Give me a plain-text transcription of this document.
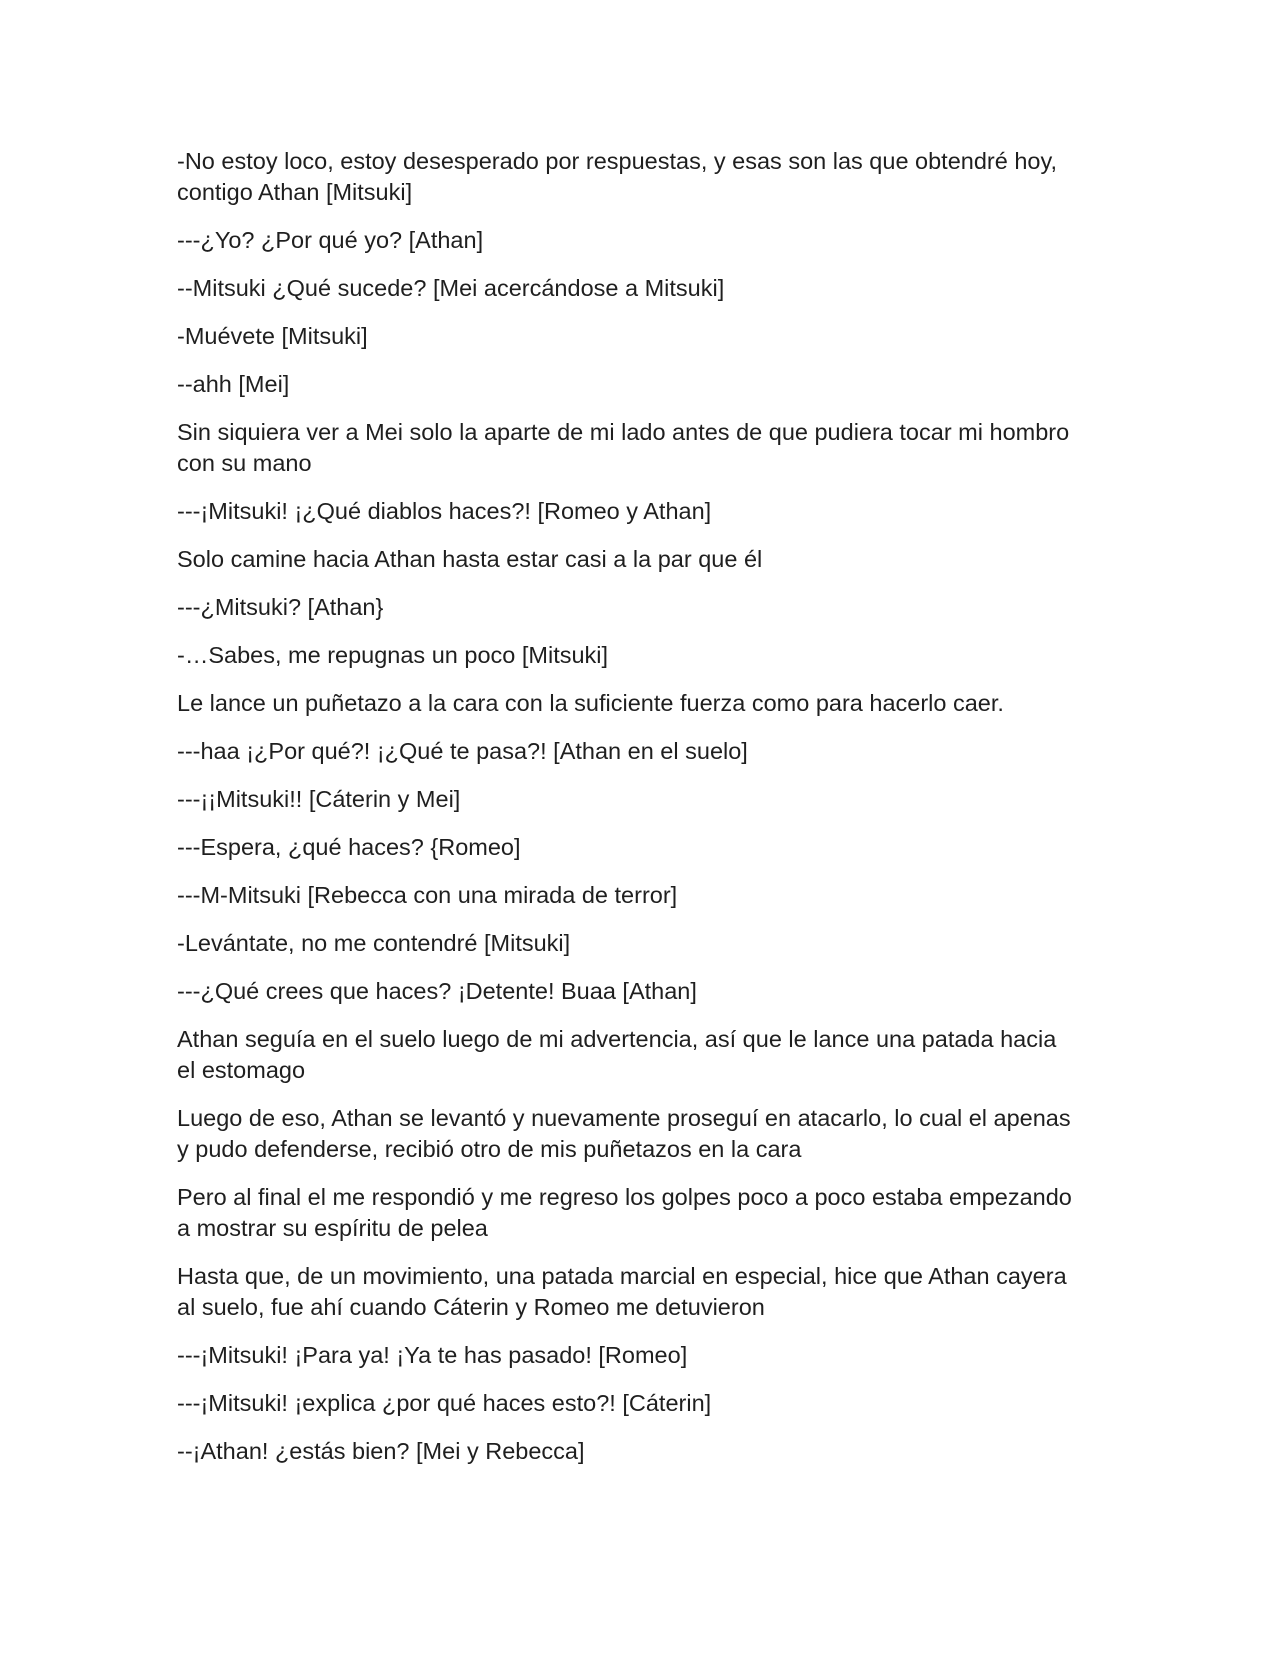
-No estoy loco, estoy desesperado por respuestas, y esas son las que obtendré hoy, contigo Athan [Mitsuki]

---¿Yo? ¿Por qué yo? [Athan]

--Mitsuki ¿Qué sucede? [Mei acercándose a Mitsuki]

-Muévete [Mitsuki]

--ahh [Mei]

Sin siquiera ver a Mei solo la aparte de mi lado antes de que pudiera tocar mi hombro con su mano

---¡Mitsuki! ¡¿Qué diablos haces?! [Romeo y Athan]

Solo camine hacia Athan hasta estar casi a la par que él

---¿Mitsuki? [Athan}

-…Sabes, me repugnas un poco [Mitsuki]

Le lance un puñetazo a la cara con la suficiente fuerza como para hacerlo caer.

---haa ¡¿Por qué?! ¡¿Qué te pasa?! [Athan en el suelo]

---¡¡Mitsuki!! [Cáterin y Mei]

---Espera, ¿qué haces? {Romeo]

---M-Mitsuki [Rebecca con una mirada de terror]

-Levántate, no me contendré [Mitsuki]

---¿Qué crees que haces? ¡Detente! Buaa [Athan]

Athan seguía en el suelo luego de mi advertencia, así que le lance una patada hacia el estomago

Luego de eso, Athan se levantó y nuevamente proseguí en atacarlo, lo cual el apenas y pudo defenderse, recibió otro de mis puñetazos en la cara

Pero al final el me respondió y me regreso los golpes poco a poco estaba empezando a mostrar su espíritu de pelea

Hasta que, de un movimiento, una patada marcial en especial, hice que Athan cayera al suelo, fue ahí cuando Cáterin y Romeo me detuvieron

---¡Mitsuki! ¡Para ya! ¡Ya te has pasado! [Romeo]

---¡Mitsuki! ¡explica ¿por qué haces esto?! [Cáterin]

--¡Athan! ¿estás bien? [Mei y Rebecca]
